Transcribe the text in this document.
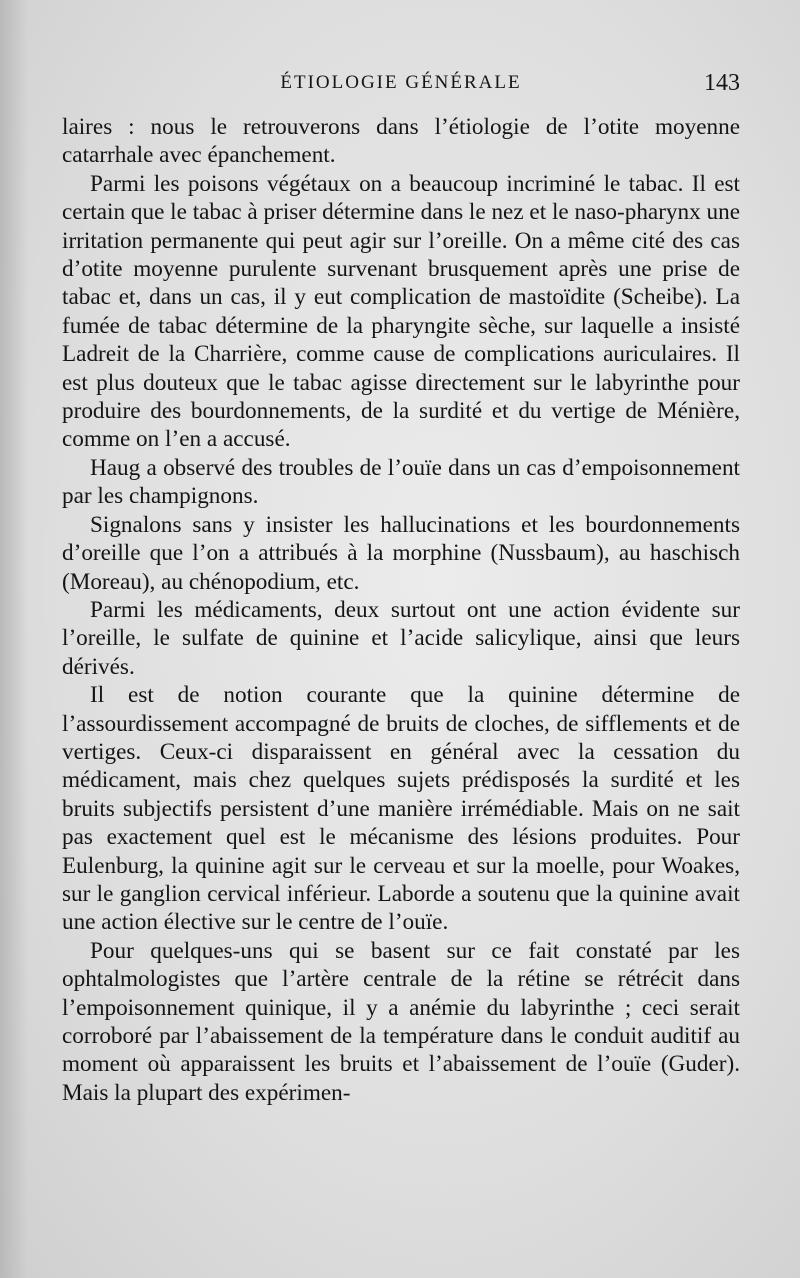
ÉTIOLOGIE GÉNÉRALE	143

laires : nous le retrouverons dans l’étiologie de l’otite moyenne catarrhale avec épanchement.

Parmi les poisons végétaux on a beaucoup incriminé le tabac. Il est certain que le tabac à priser détermine dans le nez et le naso-pharynx une irritation permanente qui peut agir sur l’oreille. On a même cité des cas d’otite moyenne purulente survenant brusquement après une prise de tabac et, dans un cas, il y eut complication de mastoïdite (Scheibe). La fumée de tabac détermine de la pharyngite sèche, sur laquelle a insisté Ladreit de la Charrière, comme cause de complications auriculaires. Il est plus douteux que le tabac agisse directement sur le labyrinthe pour produire des bourdonnements, de la surdité et du vertige de Ménière, comme on l’en a accusé.

Haug a observé des troubles de l’ouïe dans un cas d’empoisonnement par les champignons.

Signalons sans y insister les hallucinations et les bourdonnements d’oreille que l’on a attribués à la morphine (Nussbaum), au haschisch (Moreau), au chénopodium, etc.

Parmi les médicaments, deux surtout ont une action évidente sur l’oreille, le sulfate de quinine et l’acide salicylique, ainsi que leurs dérivés.

Il est de notion courante que la quinine détermine de l’assourdissement accompagné de bruits de cloches, de sifflements et de vertiges. Ceux-ci disparaissent en général avec la cessation du médicament, mais chez quelques sujets prédisposés la surdité et les bruits subjectifs persistent d’une manière irrémédiable. Mais on ne sait pas exactement quel est le mécanisme des lésions produites. Pour Eulenburg, la quinine agit sur le cerveau et sur la moelle, pour Woakes, sur le ganglion cervical inférieur. Laborde a soutenu que la quinine avait une action élective sur le centre de l’ouïe.

Pour quelques-uns qui se basent sur ce fait constaté par les ophtalmologistes que l’artère centrale de la rétine se rétrécit dans l’empoisonnement quinique, il y a anémie du labyrinthe ; ceci serait corroboré par l’abaissement de la température dans le conduit auditif au moment où apparaissent les bruits et l’abaissement de l’ouïe (Guder). Mais la plupart des expérimen-
